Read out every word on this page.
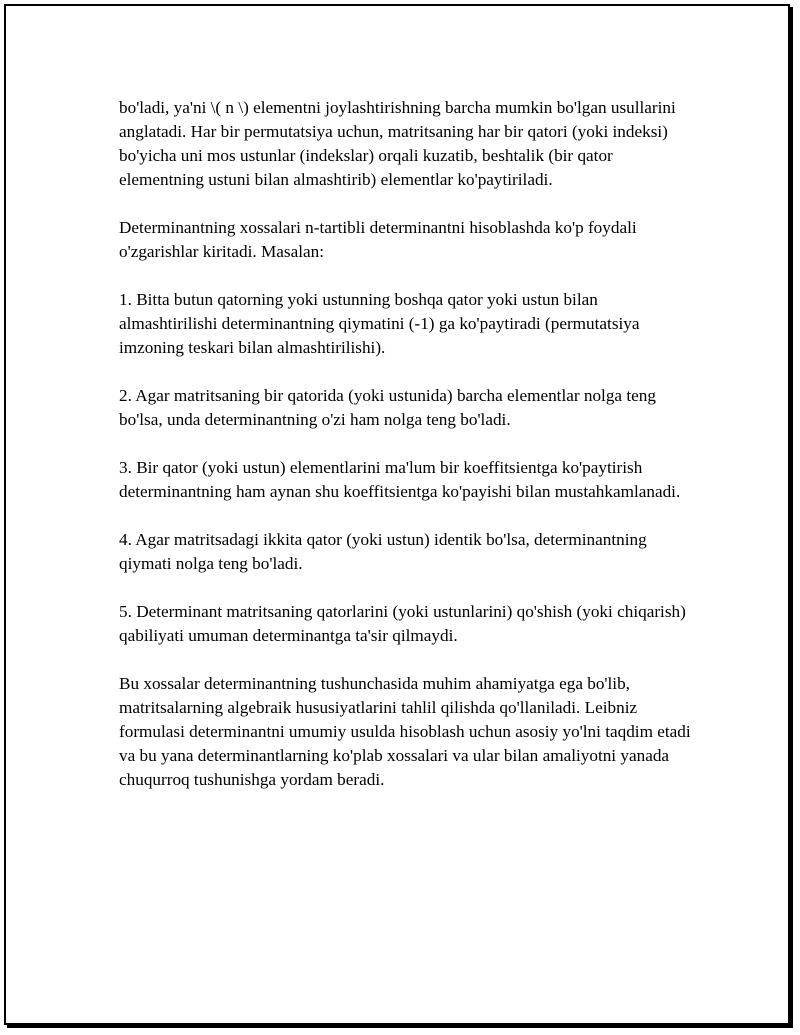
bo'ladi, ya'ni \( n \) elementni joylashtirishning barcha mumkin bo'lgan usullarini anglatadi. Har bir permutatsiya uchun, matritsaning har bir qatori (yoki indeksi) bo'yicha uni mos ustunlar (indekslar) orqali kuzatib, beshtalik (bir qator elementning ustuni bilan almashtirib) elementlar ko'paytiriladi.

Determinantning xossalari n-tartibli determinantni hisoblashda ko'p foydali o'zgarishlar kiritadi. Masalan:

1. Bitta butun qatorning yoki ustunning boshqa qator yoki ustun bilan almashtirilishi determinantning qiymatini (-1) ga ko'paytiradi (permutatsiya imzoning teskari bilan almashtirilishi).

2. Agar matritsaning bir qatorida (yoki ustunida) barcha elementlar nolga teng bo'lsa, unda determinantning o'zi ham nolga teng bo'ladi.

3. Bir qator (yoki ustun) elementlarini ma'lum bir koeffitsientga ko'paytirish determinantning ham aynan shu koeffitsientga ko'payishi bilan mustahkamlanadi.

4. Agar matritsadagi ikkita qator (yoki ustun) identik bo'lsa, determinantning qiymati nolga teng bo'ladi.

5. Determinant matritsaning qatorlarini (yoki ustunlarini) qo'shish (yoki chiqarish) qabiliyati umuman determinantga ta'sir qilmaydi.

Bu xossalar determinantning tushunchasida muhim ahamiyatga ega bo'lib, matritsalarning algebraik hususiyatlarini tahlil qilishda qo'llaniladi. Leibniz formulasi determinantni umumiy usulda hisoblash uchun asosiy yo'lni taqdim etadi va bu yana determinantlarning ko'plab xossalari va ular bilan amaliyotni yanada chuqurroq tushunishga yordam beradi.
